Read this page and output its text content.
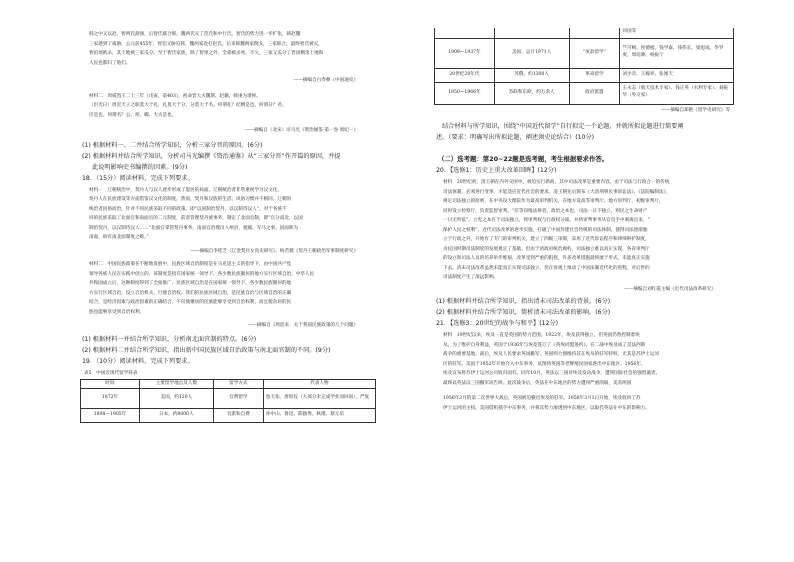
韩之中又以赵、智两氏最强，后智氏联合韩、魏两氏灭了范氏和中行氏，智氏的势力进一步扩张，韩赵魏
三家感到了威胁，公元前455年，智伯又胁迫韩、魏两家攻打赵氏。后来韩魏两家倒戈，三家联合，最终智氏被灭，
智伯瑶被杀，其土地被三家瓜分。至于智氏家族，除了智果之外，全部被杀死。不久，三家又瓜分了晋国剩余土地和
人民也都归了他们。
——摘编自白寿彝《中国通史》
材料二　周威烈王二十三年（戊寅，前403），初命晋大夫魏斯、赵籍、韩虔为诸侯。
（臣光曰）周室天子之职莫大于礼，礼莫大于分，分莫大于名。何谓礼？纪纲是也。何谓分？君、
臣是也。何谓名？公、侯、卿、大夫是也。
——摘编自（北宋）司马光《资治通鉴·第一卷·周纪一》
(1) 根据材料一、二并结合所学知识，分析三家分晋的原因。(6分)
(2) 根据材料并结合所学知识，分析司马光编撰《资治通鉴》从“三家分晋”作开篇的原因，并提
此说明影响史书编撰的因素。(9分)
18．（15分）阅读材料，完成下列要求。
材料一　辽朝统治中，契丹人与汉人逐步形成了混居的局面。辽朝统治者非常重视学习汉文化，
契丹人在民族建设等方面借鉴汉文化的制度。然而，契丹和汉族的生活、风俗习惯并不相同。辽朝的
统治者因俗而治，针对不同民族采取不同的政策。即“以国制治契丹，以汉制待汉人”，对于各族不
同的民族采取了北面官和南面官的二元制度，前者管理契丹族事务，制定了北面官制，即“官分南北，以国
制治契丹，以汉制待汉人……”北面官掌管契丹事务，南面官治理汉人州县，租赋、军马之事。因而称为
南面，故有南北面制度之称。”
——摘编自李桂芝《辽金契丹女真史研究》、杨若薇《契丹王朝政治军事制度研究》
材料二　中国民族政策在不断地发展中，民族区域自治制度是在马克思主义的指导下，由中国共产党
领导各族人民在实践中创立的。该制度是指在国家统一领导下，各少数民族聚居的地方实行区域自治。中华人民
共和国成立后，这种制度得到了全面推广。民族区域自治是在国家统一领导下，各少数民族聚居的地
方实行区域自治，设立自治机关，行使自治权。我们的民族区域自治，是民族自治与区域自治的正确
结合，是经济因素与政治因素的正确结合，不仅使聚居的民族能够享受到自治权利，而且使杂居的民
族也能够享受到自治权利。
——摘编自《周恩来：关于我国民族政策的几个问题》
(1) 根据材料一并结合所学知识，分析南北面官制的特点。(6分)
(2) 根据材料二并结合所学知识，指出新中国民族区域自治政策与南北面官制的不同。(9分)
19．（10分）阅读材料，完成下列要求。
表5　中国近现代留学简表
时间	主要留学地点及人数	留学方式	代表人物
1872年	美国，约120人	官费留学	詹天佑、唐绍仪（大部分未完成学业而回国）、严复
1898—1905年	日本，约8000人	官派和自费	孙中山、鲁迅、陈独秀、秋瑾、蔡元培
			回国等
1909—1937年	美国，总计1971人	“庚款留学”	竺可桢、侯德榜、钱学森、钱伟长、梁思成、华罗庚、周培源、杨振宁
20世纪20年代	苏俄，约1300人	革命留学	刘少奇、王稼祥、张闻天
1950—1966年	苏联和东欧，约万余人	政府派遣	王永志（航天技术专家）、钱正英（水利专家）、刘振华（外交家）
——摘编自郑艳《留学史研究》等
结合材料与所学知识，围绕“中国近代留学”自行拟定一个论题，并就所拟论题进行简要阐
述。（要求：明确写出所拟论题，阐述须史论结合）(10分)
（二）选考题：第20~22题是选考题，考生根据要求作答。
20．【选修1：历史上重大改革回眸】(12分)
材料　20世纪初，清王朝在内外交困中，被迫实行新政，其中司法改革是重要内容。由于司法与行政合一的传统
司法体制，必须进行变革，才能适应近代社会的要求。清王朝先后颁布《大清刑事民事诉讼法》、《法院编制法》，
规定司法独立的原则，在中央设大理院作为最高审判机关，在地方设高等审判厅、地方审判厅、初级审判厅，
同时设立检察厅，负责监督审判。“臣等窃维法律者，政治之本也，司法一日不独立，则民之生命财产
一日无所依”。立宪之本在于司法独立，将审判权与行政权分离，并将审判事务从官员手中剥离出来，“
保护人民之权利”。近代司法改革的逐步实施，打破了中国封建社会传统的司法体制，使得司法逐渐独
立于行政之外，开始有了专门的审判机关，建立了四级三审制，采用了近代诉讼程序和律师辩护制度，
为民国时期司法制度的发展奠定了基础。但由于清政府统治腐朽，司法独立难以真正实现，各省审判厅
的设立和司法人员的培养举步维艰，改革受到严重的阻挠，许多改革措施最终流于形式，未能真正实施
下去。清末司法改革虽然未能真正实现司法独立，但在客观上推动了中国法制近代化的进程，对后世的
司法制度产生了深远影响。
——摘编自刘红霞主编《近代司法改革研究》
(1) 根据材料并结合所学知识，指出清末司法改革的背景。(6分)
(2) 根据材料并结合所学知识，简析清末司法改革的影响。(6分)
21．【选修3：20世纪的战争与和平】(12分)
材料　19世纪以来，埃及一直是英国的势力范围。1922年，埃及获得独立，但英国仍然控制着埃
及。为了维护自身利益，英国于1936年与埃及签订了《英埃同盟条约》。在二战中埃及成了反法西斯
战争的重要基地。战后，埃及人民要求英国撤军，英国则力图维持其在埃及的驻军特权，尤其是苏伊士运河
区的驻军。美国于1952年开始介入中东事务，试图将英国等老牌殖民国家逐出中东地区。1956年，
埃及宣布将苏伊士运河公司收归国有。同年10月，英法以三国对埃及发动战争，遭到国际社会的强烈谴责，
最终以英法以三国撤军而告终。此次战争后，英法在中东地区的势力遭到严重削弱，美苏两国
1956年2月的第二次世界大战后，英国被迫撤出埃及的驻军。1956年3月1日开始，埃及收回了苏
伊士运河的主权。美国借机插手中东事务，并将其势力渗透到中东地区，以取代英法在中东的影响力。
